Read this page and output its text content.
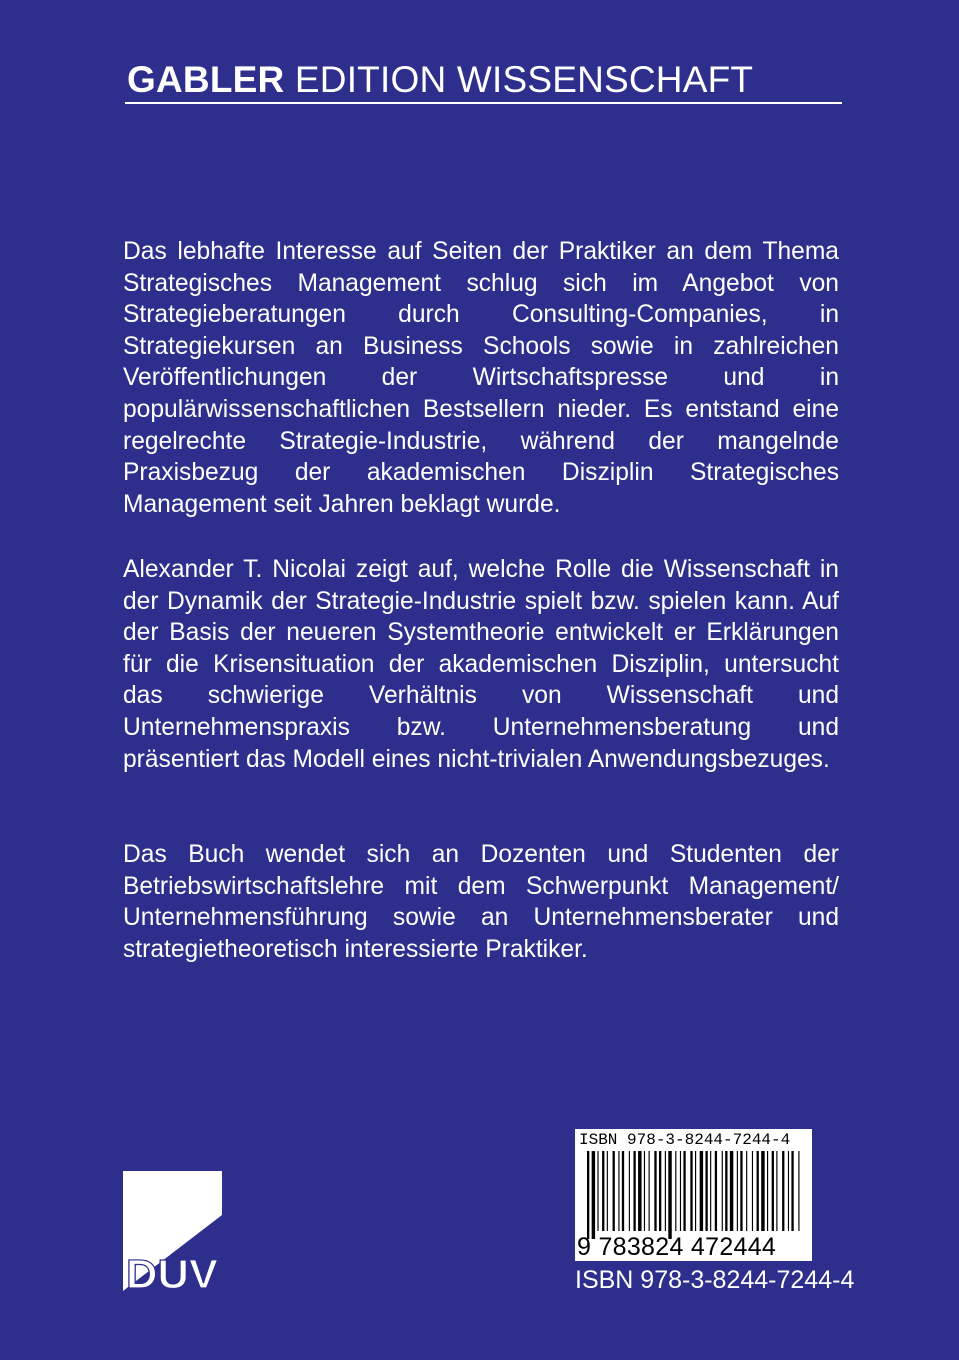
GABLER EDITION WISSENSCHAFT

Das lebhafte Interesse auf Seiten der Praktiker an dem Thema Strategisches Management schlug sich im Angebot von Strategieberatungen durch Consulting-Companies, in Strategiekursen an Business Schools sowie in zahlreichen Veröffentlichungen der Wirtschaftspresse und in populärwissenschaftlichen Bestsellern nieder. Es entstand eine regelrechte Strategie-Industrie, während der mangelnde Praxisbezug der akademischen Disziplin Strategisches Management seit Jahren beklagt wurde.

Alexander T. Nicolai zeigt auf, welche Rolle die Wissenschaft in der Dynamik der Strategie-Industrie spielt bzw. spielen kann. Auf der Basis der neueren Systemtheorie entwickelt er Erklärungen für die Krisensituation der akademischen Disziplin, untersucht das schwierige Verhältnis von Wissenschaft und Unternehmenspraxis bzw. Unternehmensberatung und präsentiert das Modell eines nicht-trivialen Anwendungsbezuges.

Das Buch wendet sich an Dozenten und Studenten der Betriebswirtschaftslehre mit dem Schwerpunkt Management/ Unternehmensführung sowie an Unternehmensberater und strategietheoretisch interessierte Praktiker.

DUV
ISBN 978-3-8244-7244-4
9 783824 472444
ISBN 978-3-8244-7244-4
